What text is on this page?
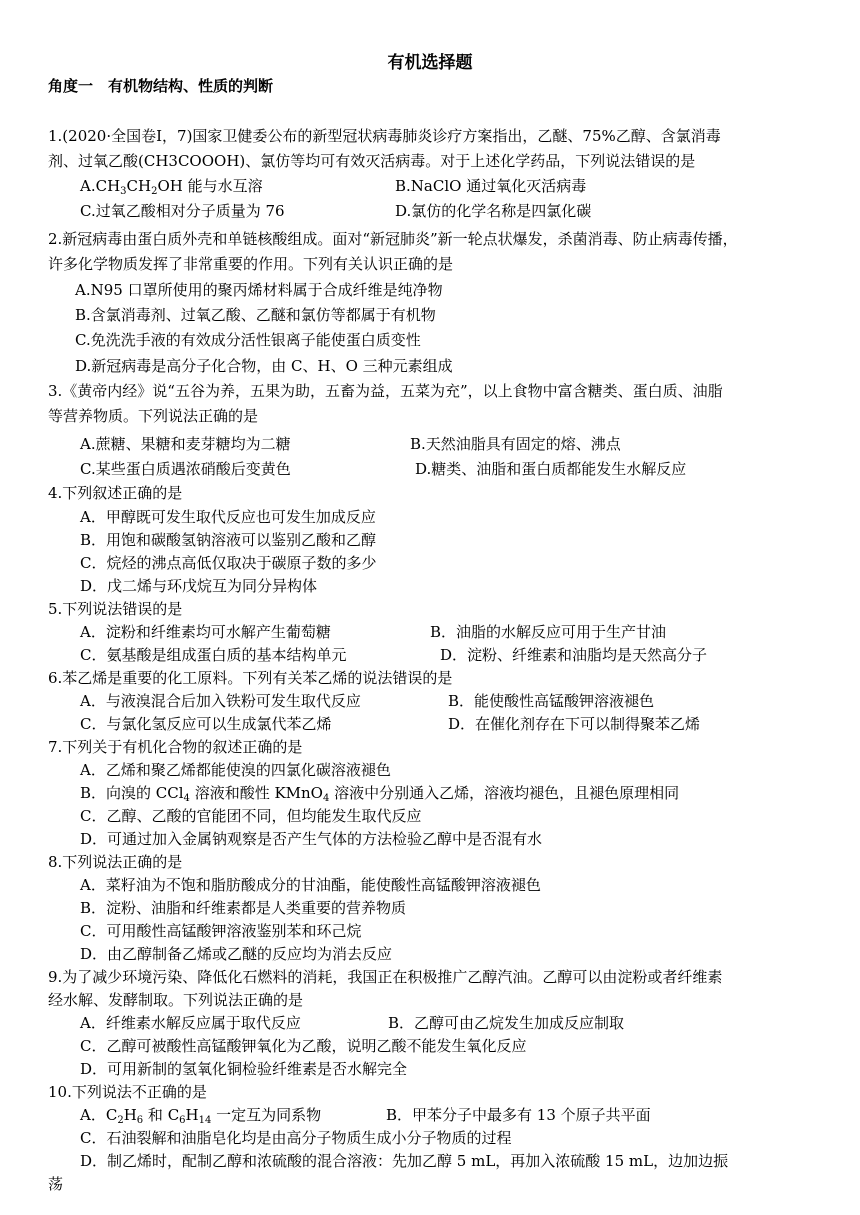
有机选择题
角度一　有机物结构、性质的判断
1.(2020·全国卷Ⅰ，7)国家卫健委公布的新型冠状病毒肺炎诊疗方案指出，乙醚、75%乙醇、含氯消毒
剂、过氧乙酸(CH3COOOH)、氯仿等均可有效灭活病毒。对于上述化学药品，下列说法错误的是
$A.CH_3CH_2OH$ 能与水互溶	B.NaClO 通过氧化灭活病毒
C.过氧乙酸相对分子质量为 76	D.氯仿的化学名称是四氯化碳
2.新冠病毒由蛋白质外壳和单链核酸组成。面对“新冠肺炎”新一轮点状爆发，杀菌消毒、防止病毒传播，
许多化学物质发挥了非常重要的作用。下列有关认识正确的是
A.N95 口罩所使用的聚丙烯材料属于合成纤维是纯净物
B.含氯消毒剂、过氧乙酸、乙醚和氯仿等都属于有机物
C.免洗洗手液的有效成分活性银离子能使蛋白质变性
D.新冠病毒是高分子化合物，由 C、H、O 三种元素组成
3.《黄帝内经》说“五谷为养，五果为助，五畜为益，五菜为充”，以上食物中富含糖类、蛋白质、油脂
等营养物质。下列说法正确的是
A.蔗糖、果糖和麦芽糖均为二糖	B.天然油脂具有固定的熔、沸点
C.某些蛋白质遇浓硝酸后变黄色	D.糖类、油脂和蛋白质都能发生水解反应
4.下列叙述正确的是
A．甲醇既可发生取代反应也可发生加成反应
B．用饱和碳酸氢钠溶液可以鉴别乙酸和乙醇
C．烷烃的沸点高低仅取决于碳原子数的多少
D．戊二烯与环戊烷互为同分异构体
5.下列说法错误的是
A．淀粉和纤维素均可水解产生葡萄糖	B．油脂的水解反应可用于生产甘油
C．氨基酸是组成蛋白质的基本结构单元	D．淀粉、纤维素和油脂均是天然高分子
6.苯乙烯是重要的化工原料。下列有关苯乙烯的说法错误的是
A．与液溴混合后加入铁粉可发生取代反应	B．能使酸性高锰酸钾溶液褪色
C．与氯化氢反应可以生成氯代苯乙烯	D．在催化剂存在下可以制得聚苯乙烯
7.下列关于有机化合物的叙述正确的是
A．乙烯和聚乙烯都能使溴的四氯化碳溶液褪色
B．向溴的 CCl$_4$ 溶液和酸性 KMnO$_4$ 溶液中分别通入乙烯，溶液均褪色，且褪色原理相同
C．乙醇、乙酸的官能团不同，但均能发生取代反应
D．可通过加入金属钠观察是否产生气体的方法检验乙醇中是否混有水
8.下列说法正确的是
A．菜籽油为不饱和脂肪酸成分的甘油酯，能使酸性高锰酸钾溶液褪色
B．淀粉、油脂和纤维素都是人类重要的营养物质
C．可用酸性高锰酸钾溶液鉴别苯和环己烷
D．由乙醇制备乙烯或乙醚的反应均为消去反应
9.为了减少环境污染、降低化石燃料的消耗，我国正在积极推广乙醇汽油。乙醇可以由淀粉或者纤维素
经水解、发酵制取。下列说法正确的是
A．纤维素水解反应属于取代反应	B．乙醇可由乙烷发生加成反应制取
C．乙醇可被酸性高锰酸钾氧化为乙酸，说明乙酸不能发生氧化反应
D．可用新制的氢氧化铜检验纤维素是否水解完全
10.下列说法不正确的是
A．$C_2H_6$ 和 $C_6H_{14}$ 一定互为同系物	B．甲苯分子中最多有 13 个原子共平面
C．石油裂解和油脂皂化均是由高分子物质生成小分子物质的过程
D．制乙烯时，配制乙醇和浓硫酸的混合溶液：先加乙醇 5 mL，再加入浓硫酸 15 mL，边加边振
荡
